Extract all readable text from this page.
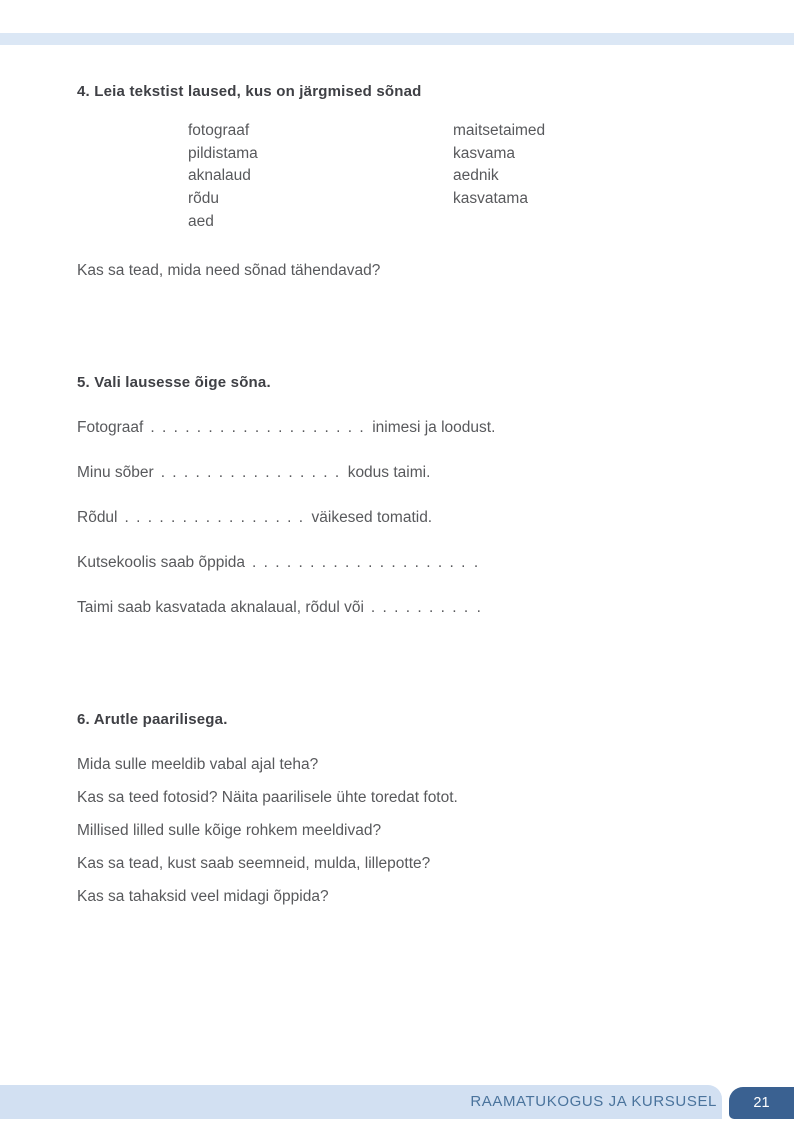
4. Leia tekstist laused, kus on järgmised sõnad
fotograaf
pildistama
aknalaud
rõdu
aed
maitsetaimed
kasvama
aednik
kasvatama
Kas sa tead, mida need sõnad tähendavad?
5. Vali lausesse õige sõna.
Fotograaf . . . . . . . . . . . . . . . . . . . inimesi ja loodust.
Minu sõber . . . . . . . . . . . . . . . . kodus taimi.
Rõdul . . . . . . . . . . . . . . . . väikesed tomatid.
Kutsekoolis saab õppida . . . . . . . . . . . . . . . . . . . .
Taimi saab kasvatada aknalaual, rõdul või . . . . . . . . . .
6. Arutle paarilisega.
Mida sulle meeldib vabal ajal teha?
Kas sa teed fotosid? Näita paarilisele ühte toredat fotot.
Millised lilled sulle kõige rohkem meeldivad?
Kas sa tead, kust saab seemneid, mulda, lillepotte?
Kas sa tahaksid veel midagi õppida?
RAAMATUKOGUS JA KURSUSEL	21
